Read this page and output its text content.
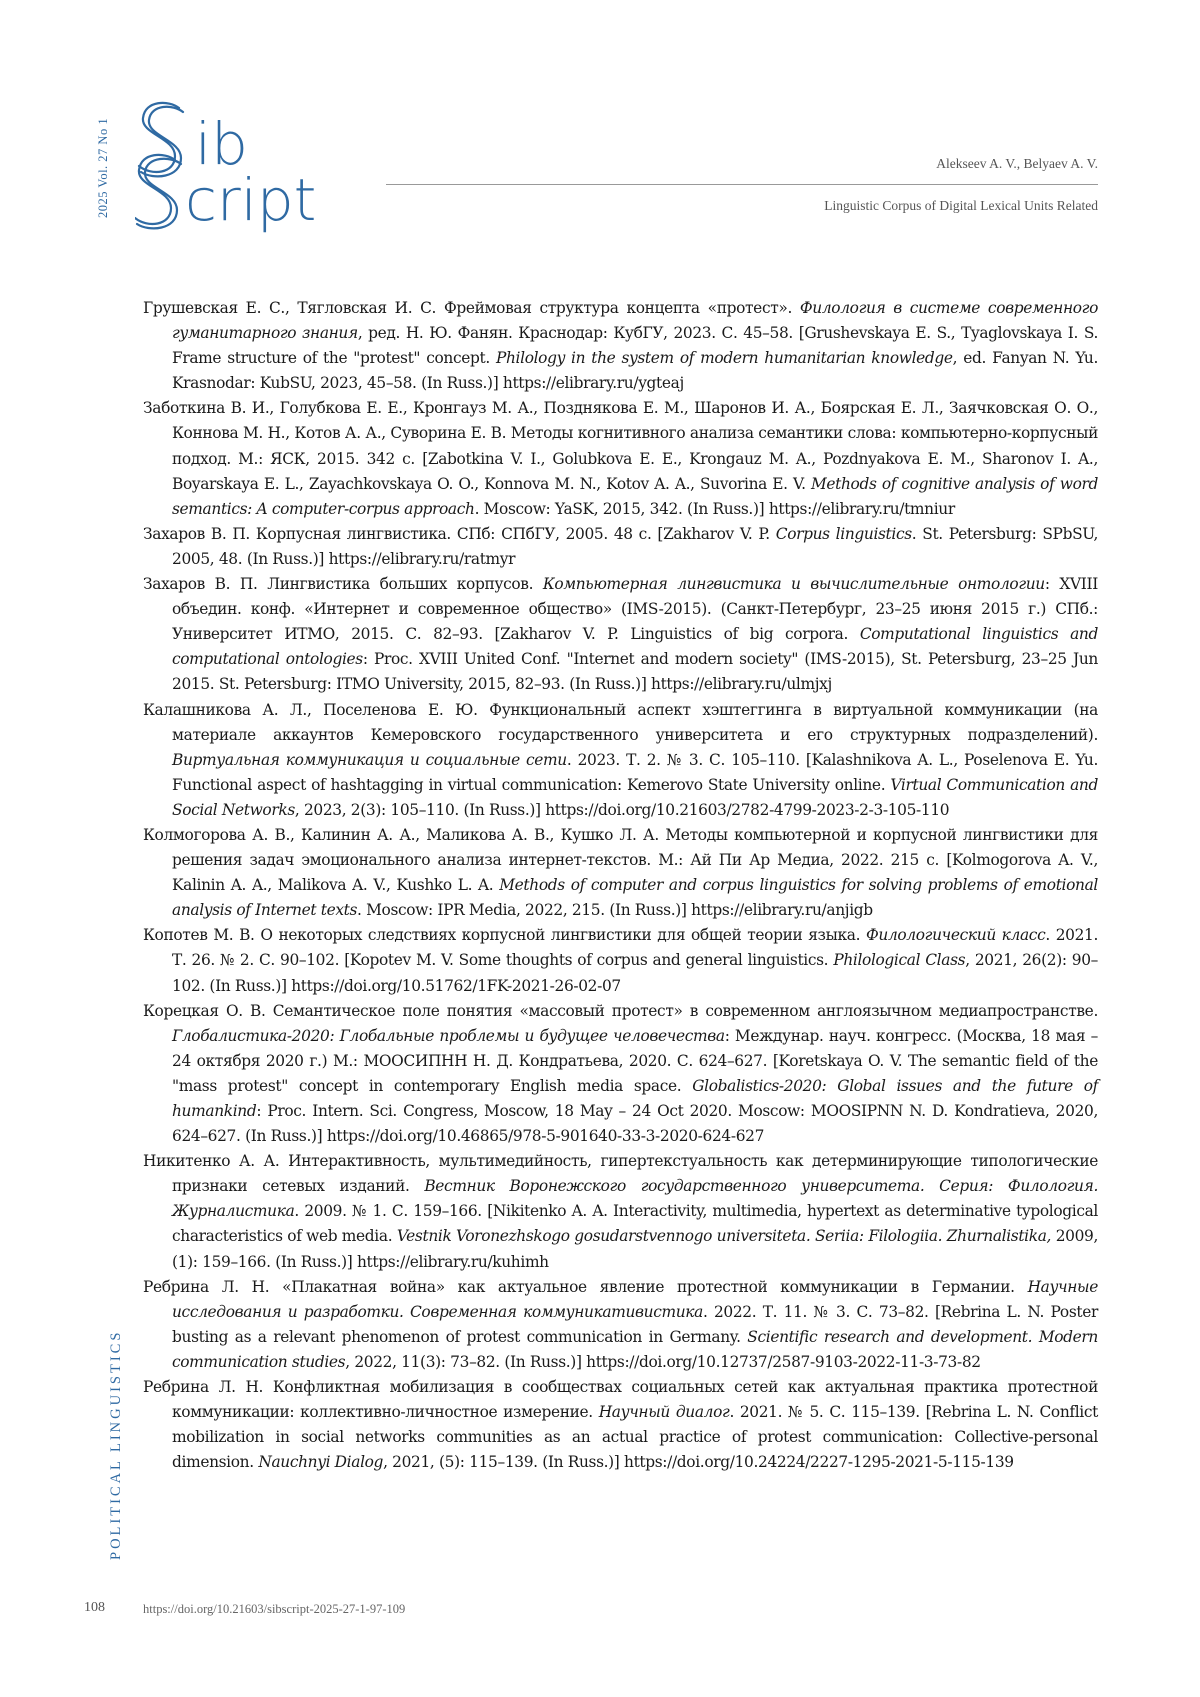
2025 Vol. 27 No 1 ib
cript
Alekseev A. V., Belyaev A. V.
Linguistic Corpus of Digital Lexical Units Related

Грушевская Е. С., Тягловская И. С. Фреймовая структура концепта «протест». Филология в системе современного гуманитарного знания, ред. Н. Ю. Фанян. Краснодар: КубГУ, 2023. С. 45–58. [Grushevskaya E. S., Tyaglovskaya I. S. Frame structure of the "protest" concept. Philology in the system of modern humanitarian knowledge, ed. Fanyan N. Yu. Krasnodar: KubSU, 2023, 45–58. (In Russ.)] https://elibrary.ru/ygteaj

Заботкина В. И., Голубкова Е. Е., Кронгауз М. А., Позднякова Е. М., Шаронов И. А., Боярская Е. Л., Заячковская О. О., Коннова М. Н., Котов А. А., Суворина Е. В. Методы когнитивного анализа семантики слова: компьютерно-корпусный подход. М.: ЯСК, 2015. 342 с. [Zabotkina V. I., Golubkova E. E., Krongauz M. A., Pozdnyakova E. M., Sharonov I. A., Boyarskaya E. L., Zayachkovskaya O. O., Konnova M. N., Kotov A. A., Suvorina E. V. Methods of cognitive analysis of word semantics: A computer-corpus approach. Moscow: YaSK, 2015, 342. (In Russ.)] https://elibrary.ru/tmniur

Захаров В. П. Корпусная лингвистика. СПб: СПбГУ, 2005. 48 с. [Zakharov V. P. Corpus linguistics. St. Petersburg: SPbSU, 2005, 48. (In Russ.)] https://elibrary.ru/ratmyr

Захаров В. П. Лингвистика больших корпусов. Компьютерная лингвистика и вычислительные онтологии: XVIII объедин. конф. «Интернет и современное общество» (IMS-2015). (Санкт-Петербург, 23–25 июня 2015 г.) СПб.: Университет ИТМО, 2015. С. 82–93. [Zakharov V. P. Linguistics of big corpora. Computational linguistics and computational ontologies: Proc. XVIII United Conf. "Internet and modern society" (IMS-2015), St. Petersburg, 23–25 Jun 2015. St. Petersburg: ITMO University, 2015, 82–93. (In Russ.)] https://elibrary.ru/ulmjxj

Калашникова А. Л., Поселенова Е. Ю. Функциональный аспект хэштеггинга в виртуальной коммуникации (на материале аккаунтов Кемеровского государственного университета и его структурных подразделений). Виртуальная коммуникация и социальные сети. 2023. Т. 2. № 3. С. 105–110. [Kalashnikova A. L., Poselenova E. Yu. Functional aspect of hashtagging in virtual communication: Kemerovo State University online. Virtual Communication and Social Networks, 2023, 2(3): 105–110. (In Russ.)] https://doi.org/10.21603/2782-4799-2023-2-3-105-110

Колмогорова А. В., Калинин А. А., Маликова А. В., Кушко Л. А. Методы компьютерной и корпусной лингвистики для решения задач эмоционального анализа интернет-текстов. М.: Ай Пи Ар Медиа, 2022. 215 с. [Kolmogorova A. V., Kalinin A. A., Malikova A. V., Kushko L. A. Methods of computer and corpus linguistics for solving problems of emotional analysis of Internet texts. Moscow: IPR Media, 2022, 215. (In Russ.)] https://elibrary.ru/anjigb

Копотев М. В. О некоторых следствиях корпусной лингвистики для общей теории языка. Филологический класс. 2021. Т. 26. № 2. С. 90–102. [Kopotev M. V. Some thoughts of corpus and general linguistics. Philological Class, 2021, 26(2): 90–102. (In Russ.)] https://doi.org/10.51762/1FK-2021-26-02-07

Корецкая О. В. Семантическое поле понятия «массовый протест» в современном англоязычном медиапространстве. Глобалистика-2020: Глобальные проблемы и будущее человечества: Междунар. науч. конгресс. (Москва, 18 мая – 24 октября 2020 г.) М.: МООСИПНН Н. Д. Кондратьева, 2020. С. 624–627. [Koretskaya O. V. The semantic field of the "mass protest" concept in contemporary English media space. Globalistics-2020: Global issues and the future of humankind: Proc. Intern. Sci. Congress, Moscow, 18 May – 24 Oct 2020. Moscow: MOOSIPNN N. D. Kondratieva, 2020, 624–627. (In Russ.)] https://doi.org/10.46865/978-5-901640-33-3-2020-624-627

Никитенко А. А. Интерактивность, мультимедийность, гипертекстуальность как детерминирующие типологические признаки сетевых изданий. Вестник Воронежского государственного университета. Серия: Филология. Журналистика. 2009. № 1. С. 159–166. [Nikitenko A. A. Interactivity, multimedia, hypertext as determinative typological characteristics of web media. Vestnik Voronezhskogo gosudarstvennogo universiteta. Seriia: Filologiia. Zhurnalistika, 2009, (1): 159–166. (In Russ.)] https://elibrary.ru/kuhimh

Ребрина Л. Н. «Плакатная война» как актуальное явление протестной коммуникации в Германии. Научные исследования и разработки. Современная коммуникативистика. 2022. Т. 11. № 3. С. 73–82. [Rebrina L. N. Poster busting as a relevant phenomenon of protest communication in Germany. Scientific research and development. Modern communication studies, 2022, 11(3): 73–82. (In Russ.)] https://doi.org/10.12737/2587-9103-2022-11-3-73-82

Ребрина Л. Н. Конфликтная мобилизация в сообществах социальных сетей как актуальная практика протестной коммуникации: коллективно-личностное измерение. Научный диалог. 2021. № 5. С. 115–139. [Rebrina L. N. Conflict mobilization in social networks communities as an actual practice of protest communication: Collective-personal dimension. Nauchnyi Dialog, 2021, (5): 115–139. (In Russ.)] https://doi.org/10.24224/2227-1295-2021-5-115-139

POLITICAL LINGUISTICS
108	https://doi.org/10.21603/sibscript-2025-27-1-97-109
